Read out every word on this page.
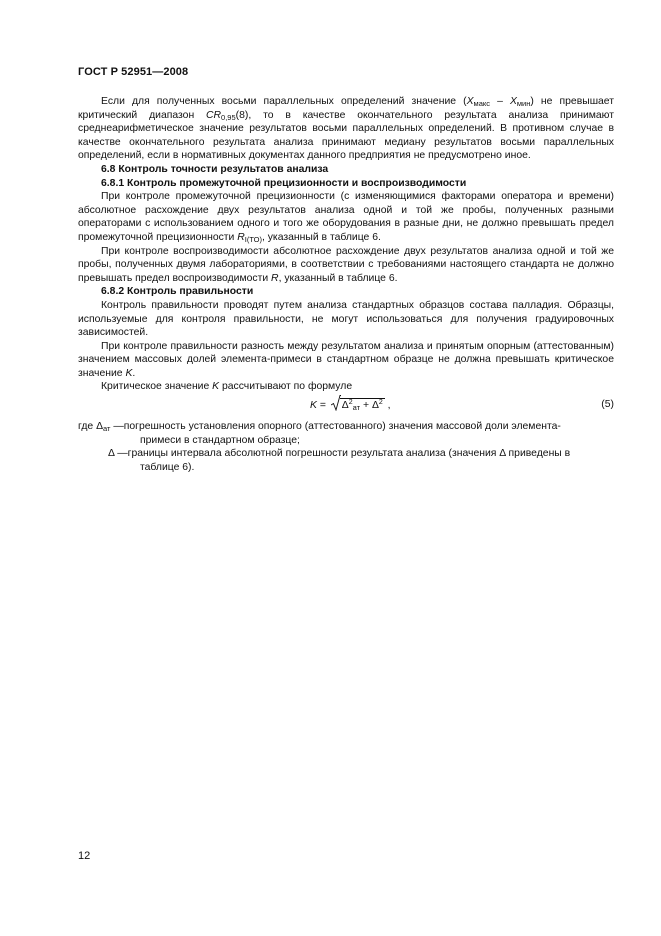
ГОСТ Р 52951—2008

Если для полученных восьми параллельных определений значение $(X_{макс} - X_{мин})$ не превышает критический диапазон $CR_{0,95}(8)$, то в качестве окончательного результата анализа принимают среднеарифметическое значение результатов восьми параллельных определений. В противном случае в качестве окончательного результата анализа принимают медиану результатов восьми параллельных определений, если в нормативных документах данного предприятия не предусмотрено иное.

6.8 Контроль точности результатов анализа

6.8.1 Контроль промежуточной прецизионности и воспроизводимости

При контроле промежуточной прецизионности (с изменяющимися факторами оператора и времени) абсолютное расхождение двух результатов анализа одной и той же пробы, полученных разными операторами с использованием одного и того же оборудования в разные дни, не должно превышать предел промежуточной прецизионности $R_{I(ТО)}$, указанный в таблице 6.

При контроле воспроизводимости абсолютное расхождение двух результатов анализа одной и той же пробы, полученных двумя лабораториями, в соответствии с требованиями настоящего стандарта не должно превышать предел воспроизводимости R, указанный в таблице 6.

6.8.2 Контроль правильности

Контроль правильности проводят путем анализа стандартных образцов состава палладия. Образцы, используемые для контроля правильности, не могут использоваться для получения градуировочных зависимостей.

При контроле правильности разность между результатом анализа и принятым опорным (аттестованным) значением массовых долей элемента-примеси в стандартном образце не должна превышать критическое значение K.

Критическое значение K рассчитывают по формуле

K =
$\Delta^2_{ат} + \Delta^2$ ,	(5)
где $\Delta_{ат}$ — погрешность установления опорного (аттестованного) значения массовой доли элемента-
примеси в стандартном образце;
Δ — границы интервала абсолютной погрешности результата анализа (значения Δ приведены в
таблице 6).
12
